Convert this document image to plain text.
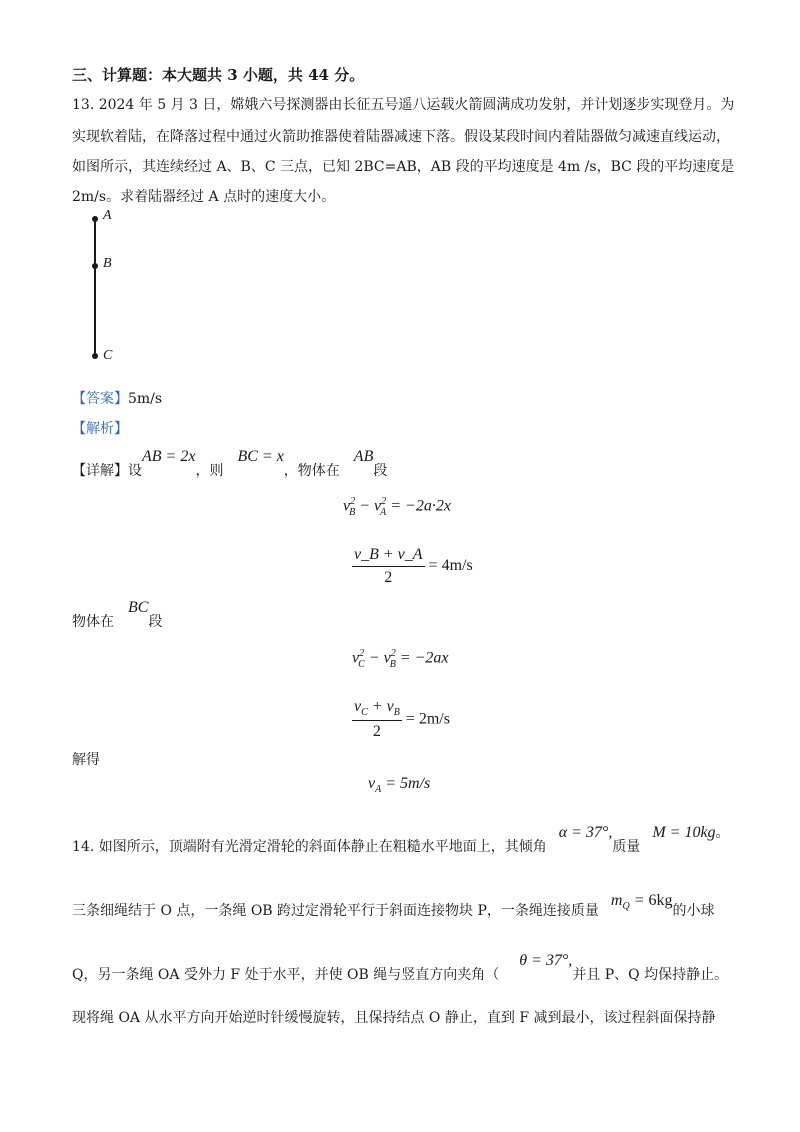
三、计算题：本大题共 3 小题，共 44 分。
13. 2024 年 5 月 3 日，嫦娥六号探测器由长征五号遥八运载火箭圆满成功发射，并计划逐步实现登月。为
实现软着陆，在降落过程中通过火箭助推器使着陆器减速下落。假设某段时间内着陆器做匀减速直线运动，
如图所示，其连续经过 A、B、C 三点，已知 2BC=AB，AB 段的平均速度是 4m /s，BC 段的平均速度是
2m/s。求着陆器经过 A 点时的速度大小。
A
B
C
【答案】5m/s
【解析】
【详解】设AB = 2x，则BC = x，物体在AB段
$v^2_B - v^2_A = -2a\cdot 2x$
$\frac{v\_B + v\_A}{2} = 4m/s$
物体在BC段
$v^2_C - v^2_B = -2ax$
$\frac{v_C + v_B}{2} = 2m/s$
解得
$v_A = 5m/s$
14. 如图所示，顶端附有光滑定滑轮的斜面体静止在粗糙水平地面上，其倾角α = 37°,质量M = 10kg。
三条细绳结于 O 点，一条绳 OB 跨过定滑轮平行于斜面连接物块 P，一条绳连接质量$m_Q = 6kg$的小球
Q，另一条绳 OA 受外力 F 处于水平，并使 OB 绳与竖直方向夹角（θ = 37°,并且 P、Q 均保持静止。
现将绳 OA 从水平方向开始逆时针缓慢旋转，且保持结点 O 静止，直到 F 减到最小，该过程斜面保持静
